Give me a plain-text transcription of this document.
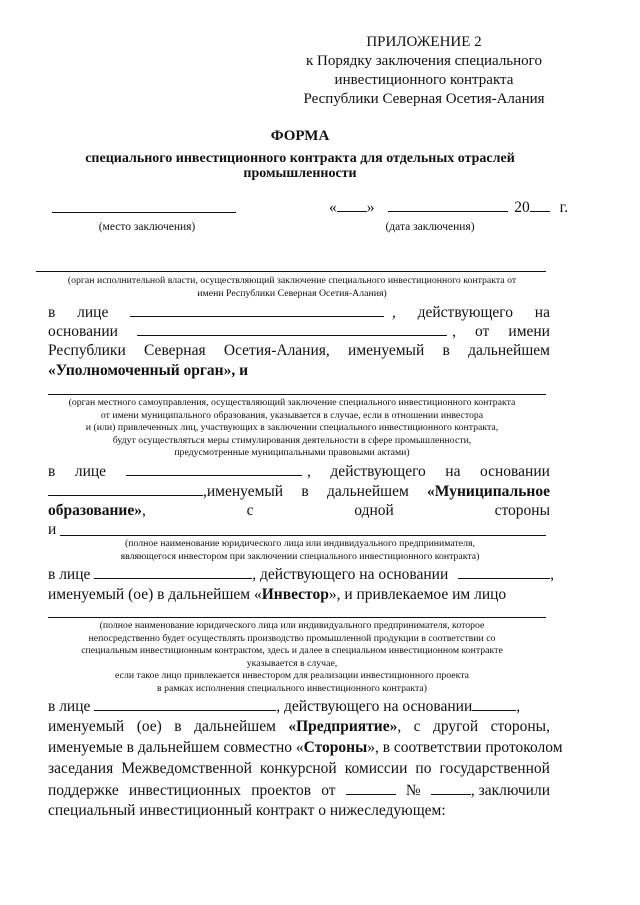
ПРИЛОЖЕНИЕ 2
к Порядку заключения специального
инвестиционного контракта
Республики Северная Осетия-Алания
ФОРМА
специального инвестиционного контракта для отдельных отраслей
промышленности
« »	20 г.
(место заключения)	(дата заключения)
(орган исполнительной власти, осуществляющий заключение специального инвестиционного контракта от
имени Республики Северная Осетия-Алания)
в лице	, действующего на
основании	, от имени
Республики Северная Осетия-Алания, именуемый в дальнейшем
«Уполномоченный орган», и
(орган местного самоуправления, осуществляющий заключение специального инвестиционного контракта
от имени муниципального образования, указывается в случае, если в отношении инвестора
и (или) привлеченных лиц, участвующих в заключении специального инвестиционного контракта,
будут осуществляться меры стимулирования деятельности в сфере промышленности,
предусмотренные муниципальными правовыми актами)
в лице	, действующего на основании
,именуемый в дальнейшем «Муниципальное
образование»,	с	одной	стороны
и
(полное наименование юридического лица или индивидуального предпринимателя,
являющегося инвестором при заключении специального инвестиционного контракта)
в лице	, действующего на основании	,
именуемый (ое) в дальнейшем «Инвестор», и привлекаемое им лицо
(полное наименование юридического лица или индивидуального предпринимателя, которое
непосредственно будет осуществлять производство промышленной продукции в соответствии со
специальным инвестиционным контрактом, здесь и далее в специальном инвестиционном контракте
указывается в случае,
если такое лицо привлекается инвестором для реализации инвестиционного проекта
в рамках исполнения специального инвестиционного контракта)
в лице	, действующего на основании	,
именуемый (ое) в дальнейшем «Предприятие», с другой стороны,
именуемые в дальнейшем совместно «Стороны», в соответствии протоколом
заседания Межведомственной конкурсной комиссии по государственной
поддержке инвестиционных проектов от	№	, заключили
специальный инвестиционный контракт о нижеследующем:
